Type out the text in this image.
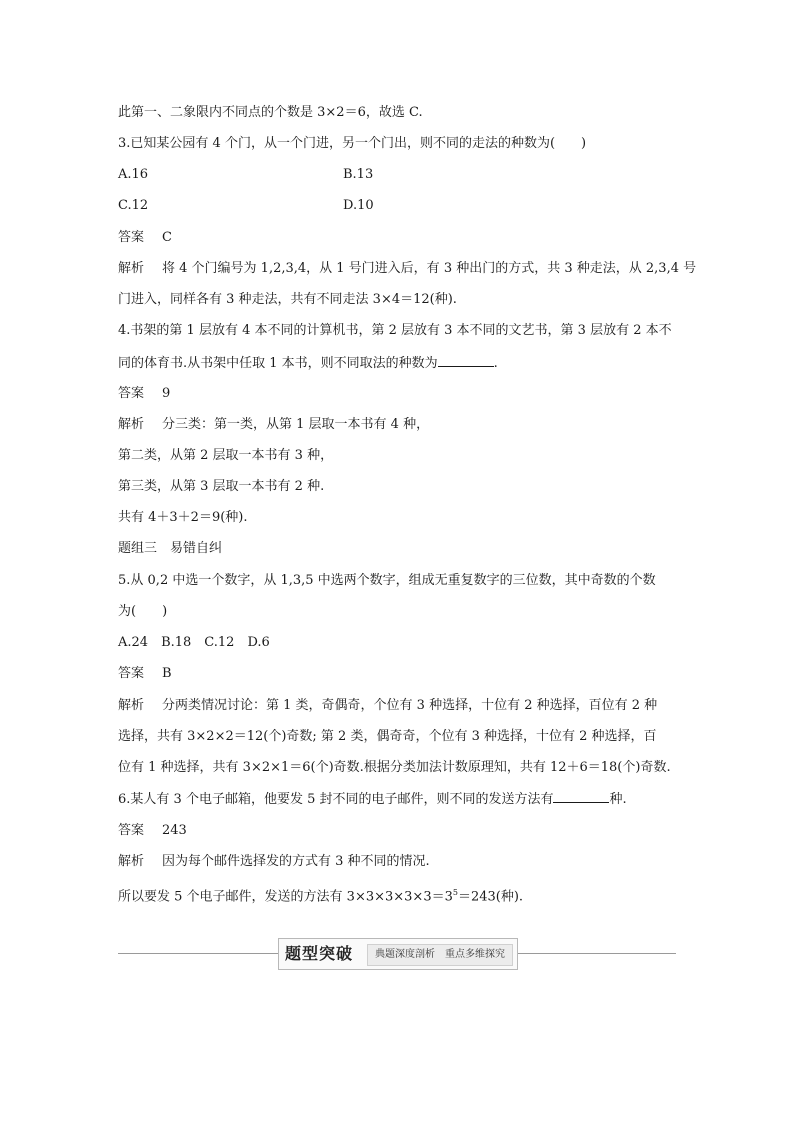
此第一、二象限内不同点的个数是 3×2＝6，故选 C.
3.已知某公园有 4 个门，从一个门进，另一个门出，则不同的走法的种数为(　　)
A.16	B.13
C.12	D.10
答案 C
解析 将 4 个门编号为 1,2,3,4，从 1 号门进入后，有 3 种出门的方式，共 3 种走法，从 2,3,4 号
门进入，同样各有 3 种走法，共有不同走法 3×4＝12(种).
4.书架的第 1 层放有 4 本不同的计算机书，第 2 层放有 3 本不同的文艺书，第 3 层放有 2 本不
同的体育书.从书架中任取 1 本书，则不同取法的种数为	.
答案 9
解析 分三类：第一类，从第 1 层取一本书有 4 种，
第二类，从第 2 层取一本书有 3 种，
第三类，从第 3 层取一本书有 2 种.
共有 4＋3＋2＝9(种).
题组三　易错自纠
5.从 0,2 中选一个数字，从 1,3,5 中选两个数字，组成无重复数字的三位数，其中奇数的个数
为(　　)
A.24　B.18　C.12　D.6
答案 B
解析 分两类情况讨论：第 1 类，奇偶奇，个位有 3 种选择，十位有 2 种选择，百位有 2 种
选择，共有 3×2×2＝12(个)奇数; 第 2 类，偶奇奇，个位有 3 种选择，十位有 2 种选择，百
位有 1 种选择，共有 3×2×1＝6(个)奇数.根据分类加法计数原理知，共有 12＋6＝18(个)奇数.
6.某人有 3 个电子邮箱，他要发 5 封不同的电子邮件，则不同的发送方法有	种.
答案 243
解析 因为每个邮件选择发的方式有 3 种不同的情况.
所以要发 5 个电子邮件，发送的方法有 $3\times 3\times 3\times 3\times 3=3^5=243$(种).
题型突破	典题深度剖析　重点多维探究
